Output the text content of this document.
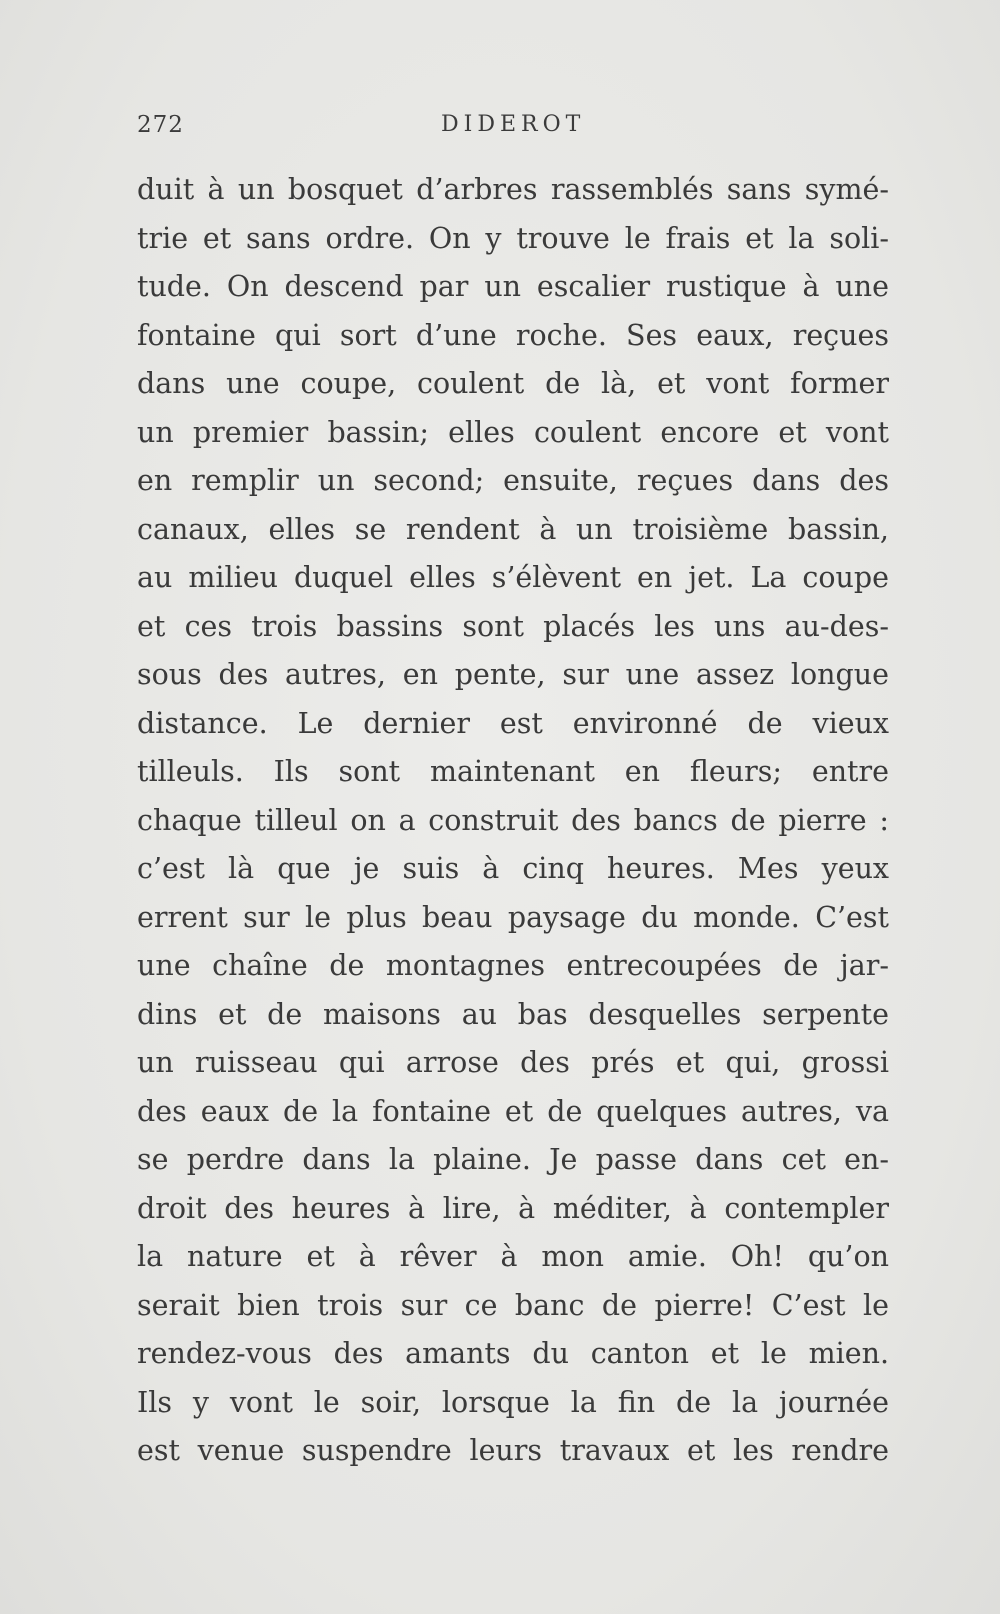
272	DIDEROT
duit à un bosquet d’arbres rassemblés sans symé-
trie et sans ordre. On y trouve le frais et la soli-
tude. On descend par un escalier rustique à une
fontaine qui sort d’une roche. Ses eaux, reçues
dans une coupe, coulent de là, et vont former
un premier bassin; elles coulent encore et vont
en remplir un second; ensuite, reçues dans des
canaux, elles se rendent à un troisième bassin,
au milieu duquel elles s’élèvent en jet. La coupe
et ces trois bassins sont placés les uns au-des-
sous des autres, en pente, sur une assez longue
distance. Le dernier est environné de vieux
tilleuls. Ils sont maintenant en fleurs; entre
chaque tilleul on a construit des bancs de pierre :
c’est là que je suis à cinq heures. Mes yeux
errent sur le plus beau paysage du monde. C’est
une chaîne de montagnes entrecoupées de jar-
dins et de maisons au bas desquelles serpente
un ruisseau qui arrose des prés et qui, grossi
des eaux de la fontaine et de quelques autres, va
se perdre dans la plaine. Je passe dans cet en-
droit des heures à lire, à méditer, à contempler
la nature et à rêver à mon amie. Oh! qu’on
serait bien trois sur ce banc de pierre! C’est le
rendez-vous des amants du canton et le mien.
Ils y vont le soir, lorsque la fin de la journée
est venue suspendre leurs travaux et les rendre
